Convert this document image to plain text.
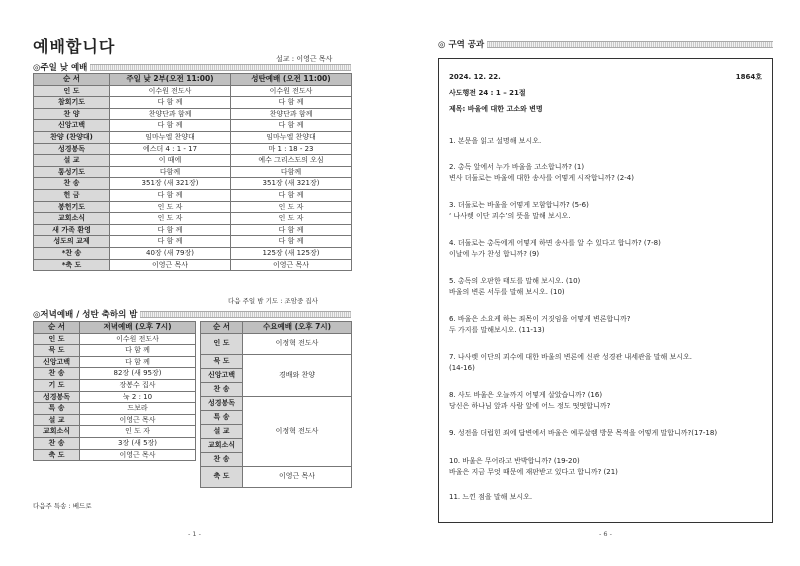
예배합니다
설교 : 이영근 목사
◎주일 낮 예배
순 서	주일 낮 2부(오전 11:00)	성탄예배 (오전 11:00)
인 도	이수원 전도사	이수원 전도사
참회기도	다 함 께	다 함 께
찬 양	찬양단과 함께	찬양단과 함께
신앙고백	다 함 께	다 함 께
찬양 (찬양대)	임마누엘 찬양대	임마누엘 찬양대
성경봉독	에스더 4 : 1 - 17	마 1 : 18 - 23
설 교	이 때에	예수 그리스도의 오심
통성기도	다함께	다함께
찬 송	351장 (새 321장)	351장 (새 321장)
헌 금	다 함 께	다 함 께
봉헌기도	인 도 자	인 도 자
교회소식	인 도 자	인 도 자
새 가족 환영	다 함 께	다 함 께
성도의 교제	다 함 께	다 함 께
*찬 송	40장 (새 79장)	125장 (새 125장)
*축 도	이영근 목사	이영근 목사
다음 주일 밤 기도 : 조암중 집사
◎저녁예배 / 성탄 축하의 밤
순 서	저녁예배 (오후 7시)
인 도	이수원 전도사
묵 도	다 함 께
신앙고백	다 함 께
찬 송	82장 (새 95장)
기 도	장봉수 집사
성경봉독	눅 2 : 10
특 송	드보라
설 교	이영근 목사
교회소식	인 도 자
찬 송	3장 (새 5장)
축 도	이영근 목사
순 서	수요예배 (오후 7시)
인 도	이정혁 전도사
묵 도	경배와 찬양
신앙고백	
찬 송	
성경봉독	이정혁 전도사
특 송	
설 교	
교회소식	
찬 송	
축 도	이영근 목사
다음주 특송 : 베드로
- 1 -
◎ 구역 공과
2024. 12. 22.	1864호
사도행전 24 : 1 – 21절
제목: 바울에 대한 고소와 변명
1. 본문을 읽고 설명해 보시오.
2. 총독 앞에서 누가 바울을 고소합니까? (1)
변사 더둘로는 바울에 대한 송사를 어떻게 시작합니까? (2-4)
3. 더둘로는 바울을 어떻게 모함합니까? (5-6)
‘ 나사렛 이단 괴수’의 뜻을 말해 보시오.
4. 더둘로는 총독에게 어떻게 하면 송사를 알 수 있다고 합니까? (7-8)
이날에 누가 찬성 합니까? (9)
5. 총독의 오판한 태도를 말해 보시오. (10)
바울의 변론 서두를 말해 보시오. (10)
6. 바울은 소요케 하는 죄목이 거짓임을 어떻게 변론합니까?
두 가지를 말해보시오. (11-13)
7. 나사렛 이단의 괴수에 대한 바울의 변론에 신관 성경관 내세관을 말해 보시오.
(14-16)
8. 사도 바울은 오늘까지 어떻게 살았습니까? (16)
당신은 하나님 앞과 사람 앞에 어느 정도 떳떳합니까?
9. 성전을 더럽힌 죄에 답변에서 바울은 예루살렘 방문 목적을 어떻게 말합니까?(17-18)
10. 바울은 무어라고 반박합니까? (19-20)
바울은 지금 무엇 때문에 재판받고 있다고 합니까? (21)
11. 느낀 점을 말해 보시오.
- 6 -
